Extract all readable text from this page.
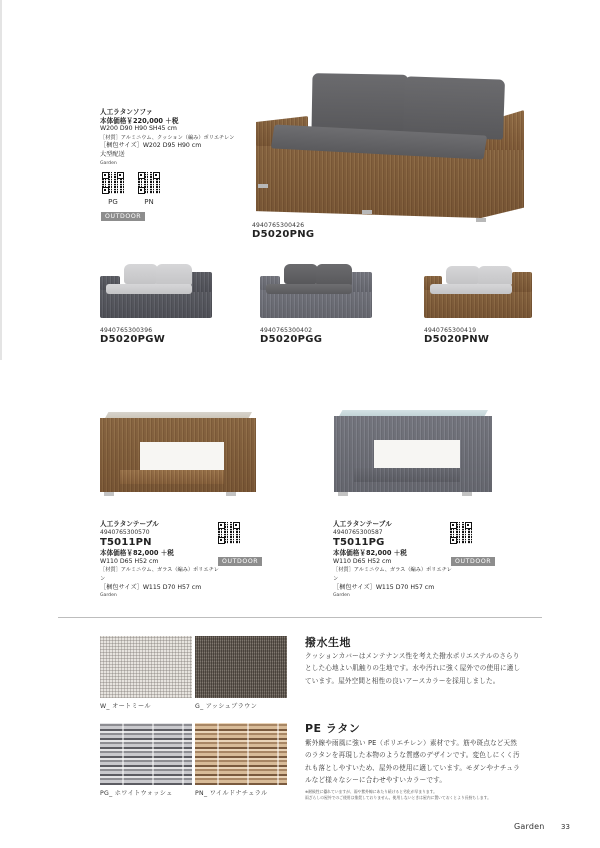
人工ラタンソファ
本体価格￥220,000 ＋税
W200 D90 H90 SH45 cm
［材質］アルミニウム、クッション（編み）ポリエチレン
［梱包サイズ］W202 D95 H90 cm
大型配送
Garden
PG	PN
OUTDOOR
4940765300426
D5020PNG
4940765300396
D5020PGW
4940765300402
D5020PGG
4940765300419
D5020PNW
人工ラタンテーブル
4940765300570
T5011PN
本体価格￥82,000 ＋税
W110 D65 H52 cm
［材質］アルミニウム、ガラス（編み）ポリエチレン
［梱包サイズ］W115 D70 H57 cm
Garden
OUTDOOR
人工ラタンテーブル
4940765300587
T5011PG
本体価格￥82,000 ＋税
W110 D65 H52 cm
［材質］アルミニウム、ガラス（編み）ポリエチレン
［梱包サイズ］W115 D70 H57 cm
Garden
OUTDOOR
W_ オートミール	G_ アッシュブラウン
PG_ ホワイトウォッシュ	PN_ ワイルドナチュラル
撥水生地
クッションカバーはメンテナンス性を考えた撥水ポリエステルのさらりとした心地よい肌触りの生地です。水や汚れに強く屋外での使用に適しています。屋外空間と相性の良いアースカラーを採用しました。
PE ラタン
紫外線や雨風に強い PE（ポリエチレン）素材です。筋や斑点など天然のラタンを再現した本物のような質感のデザインです。変色しにくく汚れも落としやすいため、屋外の使用に適しています。モダンやナチュラルなど様々なシーに合わせやすいカラーです。
※耐候性に優れていますが、雨や紫外線にあたり続けると劣化が早まります。
雨ざらしの屋外でのご使用は推奨しておりません。使用しないときは屋内に置いておくとより長持ちします。
Garden 33
